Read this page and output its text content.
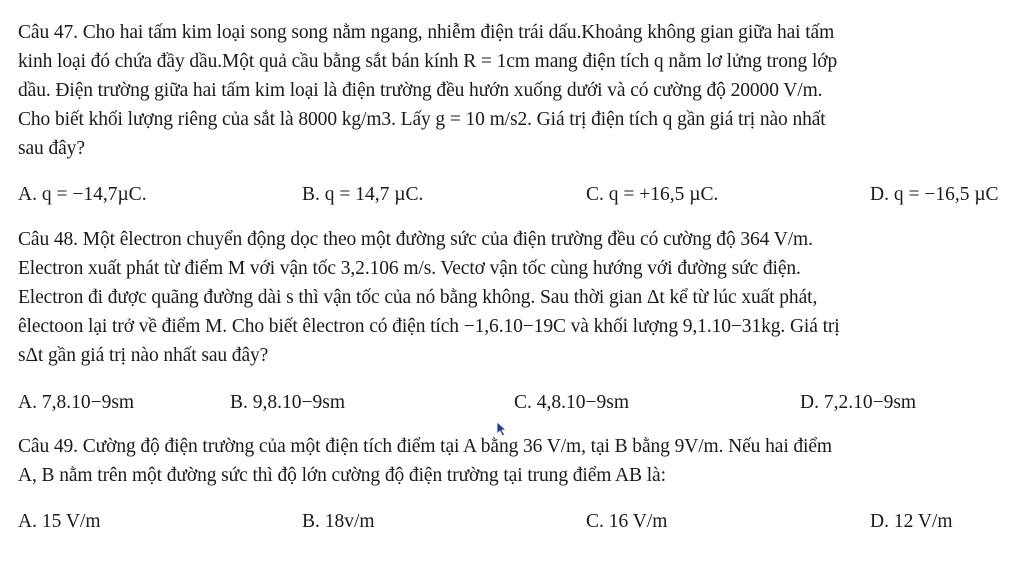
Câu 47. Cho hai tấm kim loại song song nằm ngang, nhiễm điện trái dấu.Khoảng không gian giữa hai tấm
kinh loại đó chứa đầy dầu.Một quả cầu bằng sắt bán kính R = 1cm mang điện tích q nằm lơ lửng trong lớp
dầu. Điện trường giữa hai tấm kim loại là điện trường đều hướn xuống dưới và có cường độ 20000 V/m.
Cho biết khối lượng riêng của sắt là 8000 kg/m3. Lấy g = 10 m/s2. Giá trị điện tích q gần giá trị nào nhất
sau đây?
A. q = −14,7µC.	B. q = 14,7 µC.	C. q = +16,5 µC.	D. q = −16,5 µC
Câu 48. Một êlectron chuyển động dọc theo một đường sức của điện trường đều có cường độ 364 V/m.
Electron xuất phát từ điểm M với vận tốc 3,2.106 m/s. Vectơ vận tốc cùng hướng với đường sức điện.
Electron đi được quãng đường dài s thì vận tốc của nó bằng không. Sau thời gian Δt kể từ lúc xuất phát,
êlectoon lại trở về điểm M. Cho biết êlectron có điện tích −1,6.10−19C và khối lượng 9,1.10−31kg. Giá trị
sΔt gần giá trị nào nhất sau đây?
A. 7,8.10−9sm	B. 9,8.10−9sm	C. 4,8.10−9sm	D. 7,2.10−9sm
Câu 49. Cường độ điện trường của một điện tích điểm tại A bằng 36 V/m, tại B bằng 9V/m. Nếu hai điểm
A, B nằm trên một đường sức thì độ lớn cường độ điện trường tại trung điểm AB là:
A. 15 V/m	B. 18v/m	C. 16 V/m	D. 12 V/m
